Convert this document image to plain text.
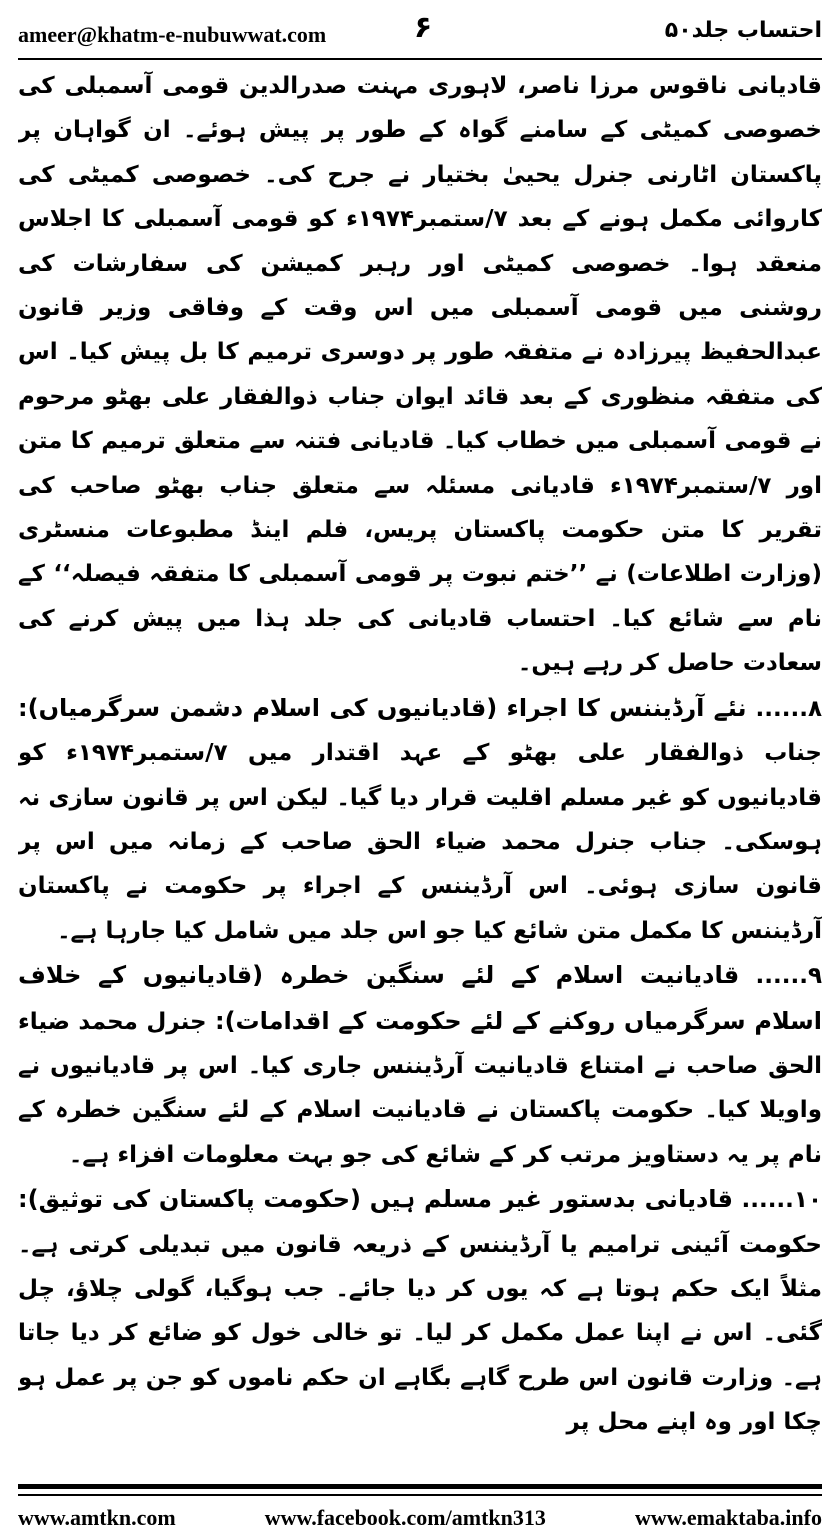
ameer@khatm-e-nubuwwat.com	۶	احتساب جلد۵۰

قادیانی ناقوس مرزا ناصر، لاہوری مہنت صدرالدین قومی آسمبلی کی خصوصی کمیٹی کے سامنے گواہ کے طور پر پیش ہوئے۔ ان گواہان پر پاکستان اٹارنی جنرل یحییٰ بختیار نے جرح کی۔ خصوصی کمیٹی کی کاروائی مکمل ہونے کے بعد ۷/ستمبر۱۹۷۴ء کو قومی آسمبلی کا اجلاس منعقد ہوا۔ خصوصی کمیٹی اور رہبر کمیشن کی سفارشات کی روشنی میں قومی آسمبلی میں اس وقت کے وفاقی وزیر قانون عبدالحفیظ پیرزادہ نے متفقہ طور پر دوسری ترمیم کا بل پیش کیا۔ اس کی متفقہ منظوری کے بعد قائد ایوان جناب ذوالفقار علی بھٹو مرحوم نے قومی آسمبلی میں خطاب کیا۔ قادیانی فتنہ سے متعلق ترمیم کا متن اور ۷/ستمبر۱۹۷۴ء قادیانی مسئلہ سے متعلق جناب بھٹو صاحب کی تقریر کا متن حکومت پاکستان پریس، فلم اینڈ مطبوعات منسٹری (وزارت اطلاعات) نے ’’ختم نبوت پر قومی آسمبلی کا متفقہ فیصلہ‘‘ کے نام سے شائع کیا۔ احتساب قادیانی کی جلد ہذا میں پیش کرنے کی سعادت حاصل کر رہے ہیں۔

۸...... نئے آرڈیننس کا اجراء (قادیانیوں کی اسلام دشمن سرگرمیاں): جناب ذوالفقار علی بھٹو کے عہد اقتدار میں ۷/ستمبر۱۹۷۴ء کو قادیانیوں کو غیر مسلم اقلیت قرار دیا گیا۔ لیکن اس پر قانون سازی نہ ہوسکی۔ جناب جنرل محمد ضیاء الحق صاحب کے زمانہ میں اس پر قانون سازی ہوئی۔ اس آرڈیننس کے اجراء پر حکومت نے پاکستان آرڈیننس کا مکمل متن شائع کیا جو اس جلد میں شامل کیا جارہا ہے۔

۹...... قادیانیت اسلام کے لئے سنگین خطرہ (قادیانیوں کے خلاف اسلام سرگرمیاں روکنے کے لئے حکومت کے اقدامات): جنرل محمد ضیاء الحق صاحب نے امتناع قادیانیت آرڈیننس جاری کیا۔ اس پر قادیانیوں نے واویلا کیا۔ حکومت پاکستان نے قادیانیت اسلام کے لئے سنگین خطرہ کے نام پر یہ دستاویز مرتب کر کے شائع کی جو بہت معلومات افزاء ہے۔

۱۰...... قادیانی بدستور غیر مسلم ہیں (حکومت پاکستان کی توثیق): حکومت آئینی ترامیم یا آرڈیننس کے ذریعہ قانون میں تبدیلی کرتی ہے۔ مثلاً ایک حکم ہوتا ہے کہ یوں کر دیا جائے۔ جب ہوگیا، گولی چلاؤ، چل گئی۔ اس نے اپنا عمل مکمل کر لیا۔ تو خالی خول کو ضائع کر دیا جاتا ہے۔ وزارت قانون اس طرح گاہے بگاہے ان حکم ناموں کو جن پر عمل ہو چکا اور وہ اپنے محل پر

www.amtkn.com	www.facebook.com/amtkn313	www.emaktaba.info
